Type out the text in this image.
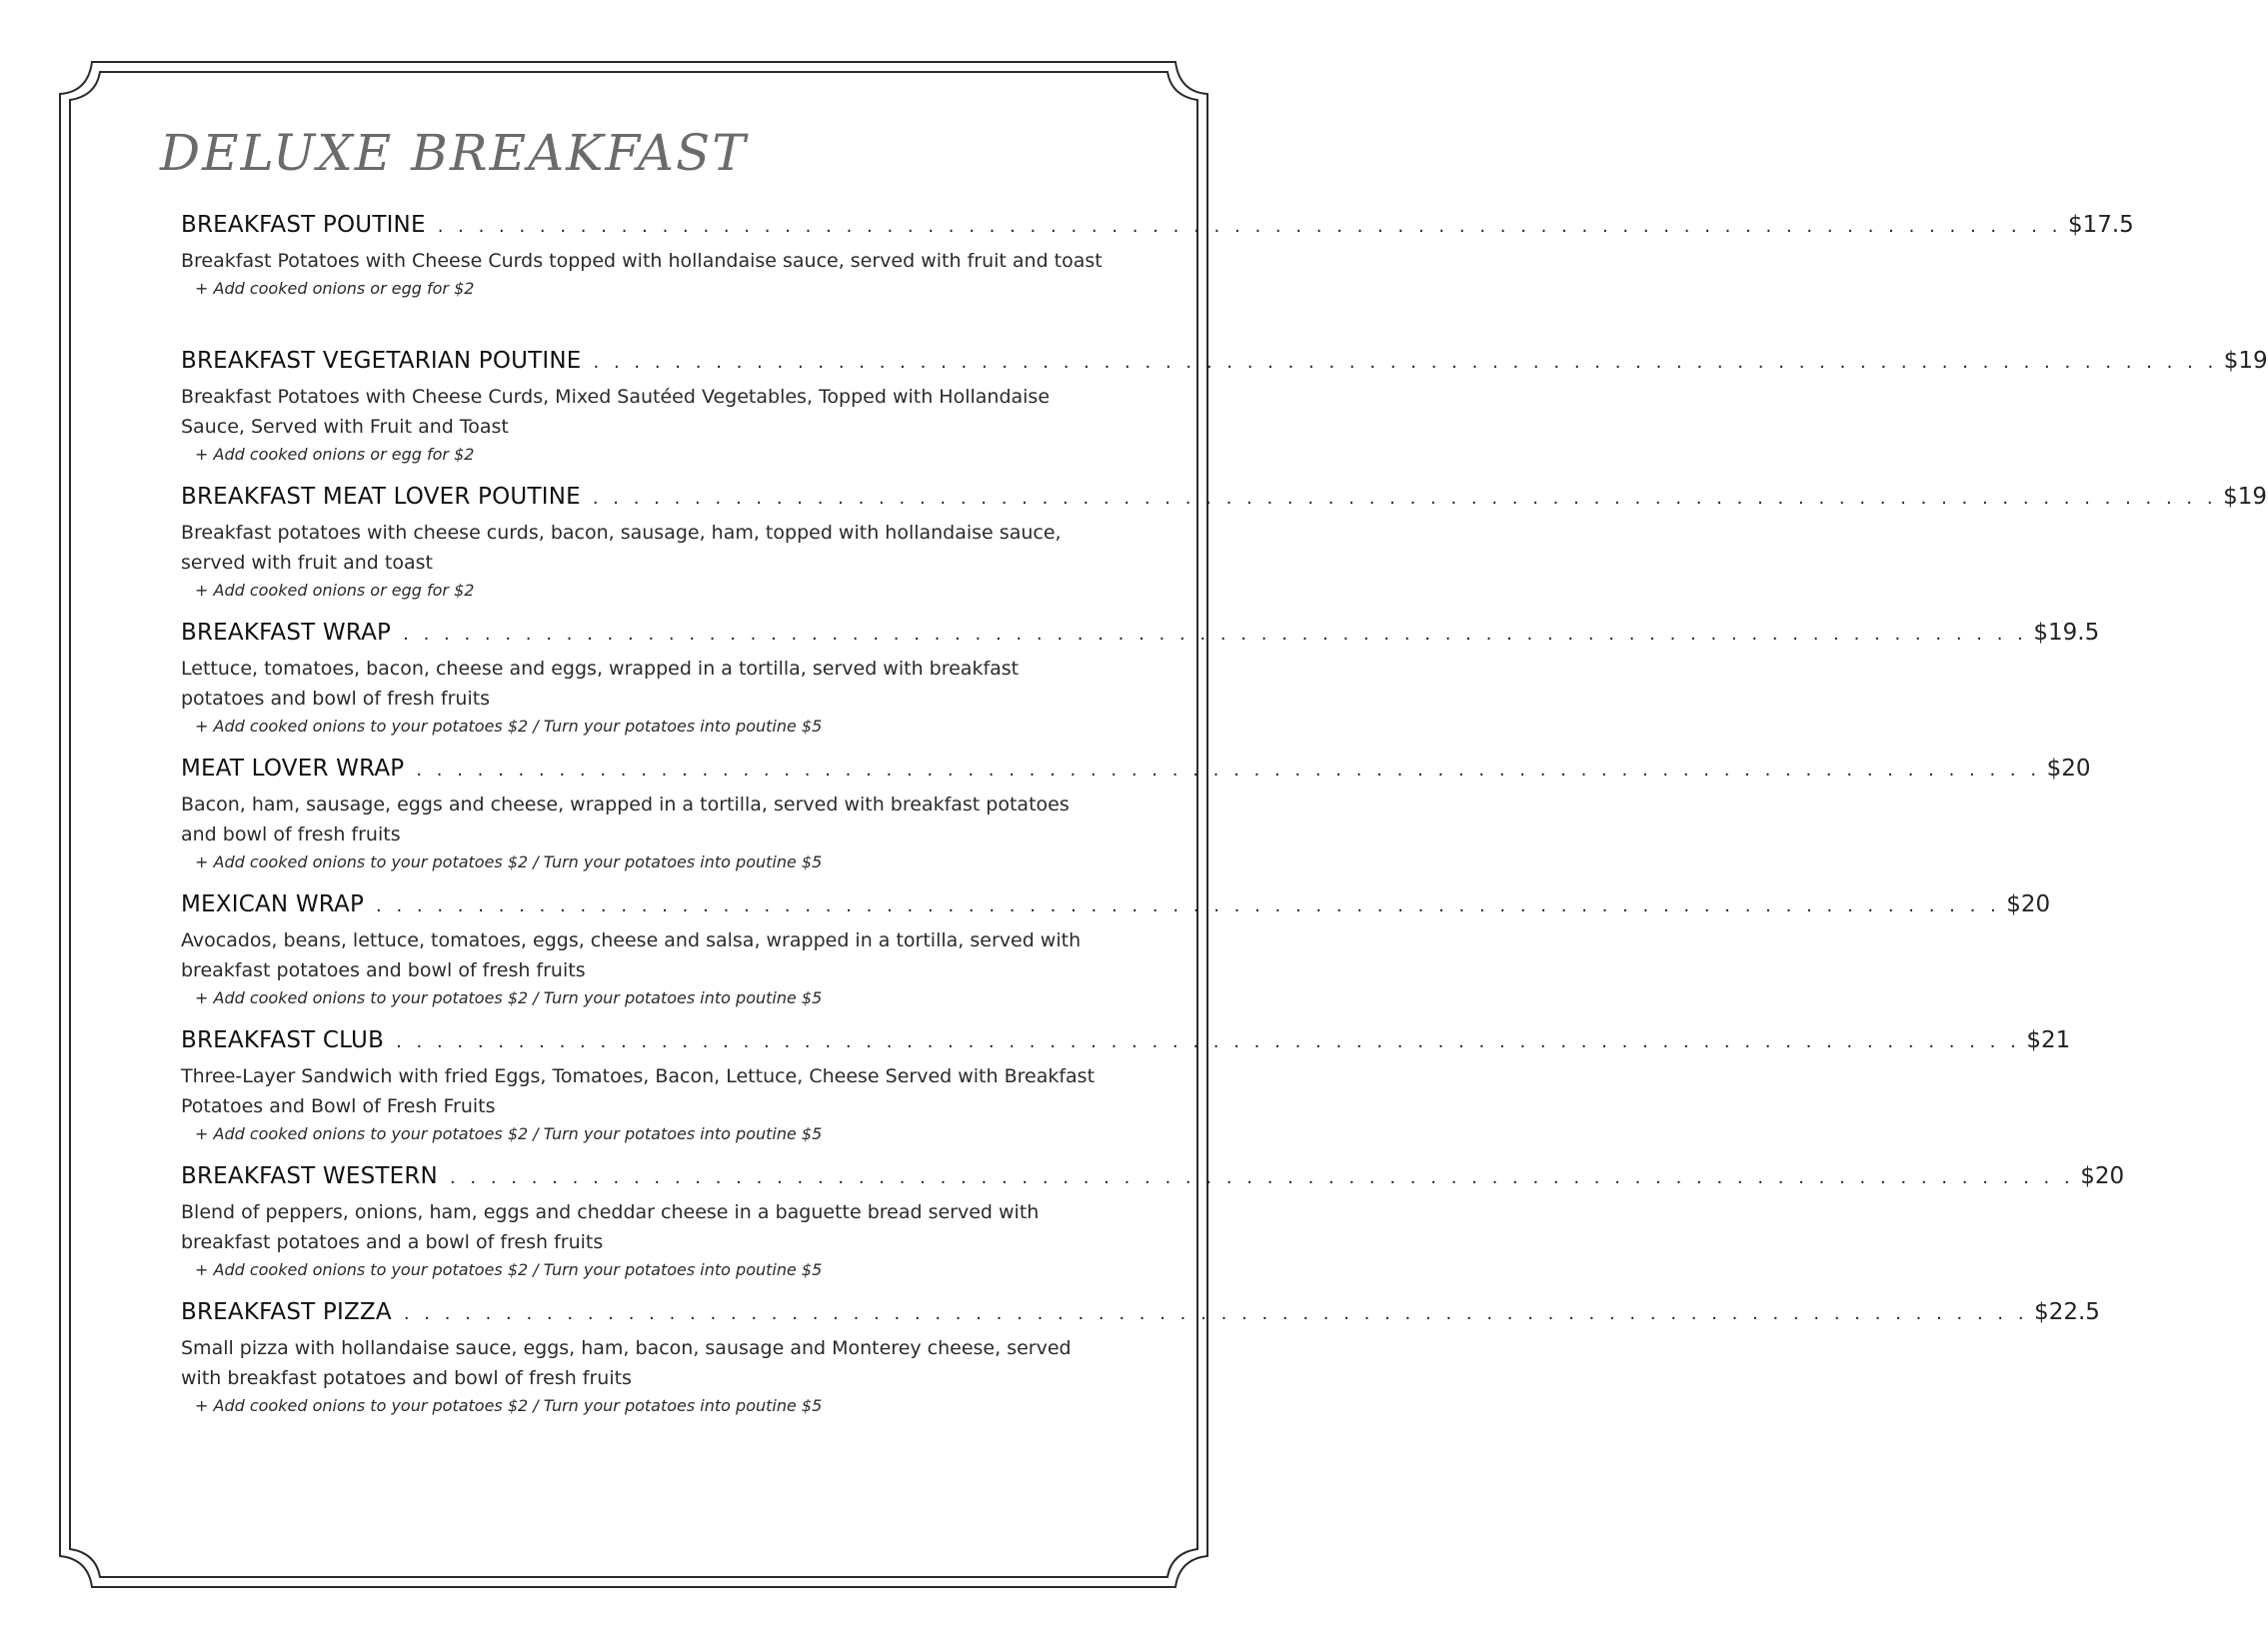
DELUXE BREAKFAST
BREAKFAST POUTINE . . . . . . . . . . . . . . . . . . . . . . . . . . . . . . . . . . . . . . . . . . . . . . . . . . . . . . . . . . . . . . . . . . . . . . . . . . . . . . . . $17.5
Breakfast Potatoes with Cheese Curds topped with hollandaise sauce, served with fruit and toast
+ Add cooked onions or egg for $2
BREAKFAST VEGETARIAN POUTINE . . . . . . . . . . . . . . . . . . . . . . . . . . . . . . . . . . . . . . . . . . . . . . . . . . . . . . . . . . . . . . . . . . . . . . . . . . . . . . . . $19
Breakfast Potatoes with Cheese Curds, Mixed Sautéed Vegetables, Topped with Hollandaise Sauce, Served with Fruit and Toast
+ Add cooked onions or egg for $2
BREAKFAST MEAT LOVER POUTINE . . . . . . . . . . . . . . . . . . . . . . . . . . . . . . . . . . . . . . . . . . . . . . . . . . . . . . . . . . . . . . . . . . . . . . . . . . . . . . . . $19
Breakfast potatoes with cheese curds, bacon, sausage, ham, topped with hollandaise sauce, served with fruit and toast
+ Add cooked onions or egg for $2
BREAKFAST WRAP . . . . . . . . . . . . . . . . . . . . . . . . . . . . . . . . . . . . . . . . . . . . . . . . . . . . . . . . . . . . . . . . . . . . . . . . . . . . . . . . $19.5
Lettuce, tomatoes, bacon, cheese and eggs, wrapped in a tortilla, served with breakfast potatoes and bowl of fresh fruits
+ Add cooked onions to your potatoes $2 / Turn your potatoes into poutine $5
MEAT LOVER WRAP . . . . . . . . . . . . . . . . . . . . . . . . . . . . . . . . . . . . . . . . . . . . . . . . . . . . . . . . . . . . . . . . . . . . . . . . . . . . . . . . $20
Bacon, ham, sausage, eggs and cheese, wrapped in a tortilla, served with breakfast potatoes and bowl of fresh fruits
+ Add cooked onions to your potatoes $2 / Turn your potatoes into poutine $5
MEXICAN WRAP . . . . . . . . . . . . . . . . . . . . . . . . . . . . . . . . . . . . . . . . . . . . . . . . . . . . . . . . . . . . . . . . . . . . . . . . . . . . . . . . $20
Avocados, beans, lettuce, tomatoes, eggs, cheese and salsa, wrapped in a tortilla, served with breakfast potatoes and bowl of fresh fruits
+ Add cooked onions to your potatoes $2 / Turn your potatoes into poutine $5
BREAKFAST CLUB . . . . . . . . . . . . . . . . . . . . . . . . . . . . . . . . . . . . . . . . . . . . . . . . . . . . . . . . . . . . . . . . . . . . . . . . . . . . . . . . $21
Three-Layer Sandwich with fried Eggs, Tomatoes, Bacon, Lettuce, Cheese Served with Breakfast Potatoes and Bowl of Fresh Fruits
+ Add cooked onions to your potatoes $2 / Turn your potatoes into poutine $5
BREAKFAST WESTERN . . . . . . . . . . . . . . . . . . . . . . . . . . . . . . . . . . . . . . . . . . . . . . . . . . . . . . . . . . . . . . . . . . . . . . . . . . . . . . . . $20
Blend of peppers, onions, ham, eggs and cheddar cheese in a baguette bread served with breakfast potatoes and a bowl of fresh fruits
+ Add cooked onions to your potatoes $2 / Turn your potatoes into poutine $5
BREAKFAST PIZZA . . . . . . . . . . . . . . . . . . . . . . . . . . . . . . . . . . . . . . . . . . . . . . . . . . . . . . . . . . . . . . . . . . . . . . . . . . . . . . . . $22.5
Small pizza with hollandaise sauce, eggs, ham, bacon, sausage and Monterey cheese, served with breakfast potatoes and bowl of fresh fruits
+ Add cooked onions to your potatoes $2 / Turn your potatoes into poutine $5
